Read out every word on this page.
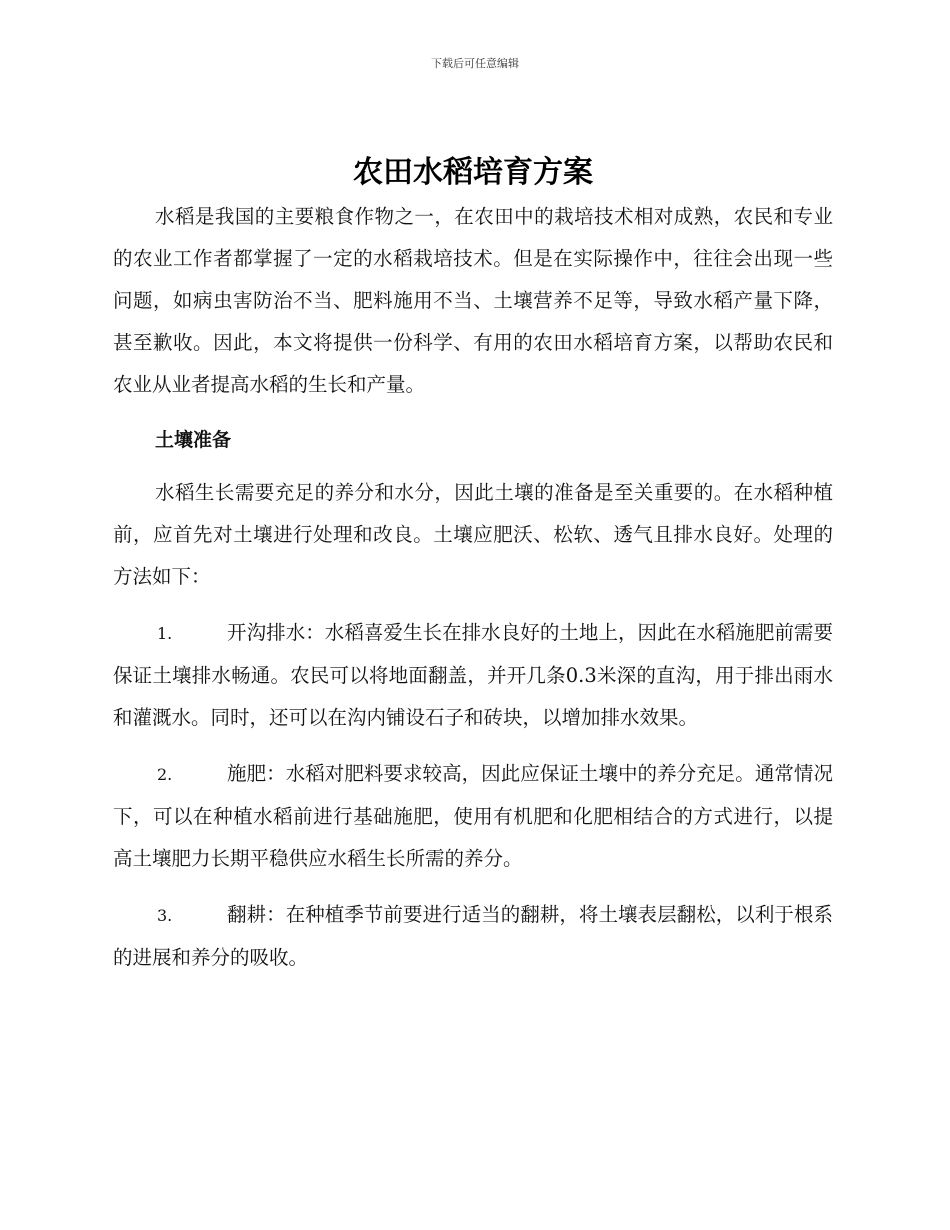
下载后可任意编辑
农田水稻培育方案

水稻是我国的主要粮食作物之一，在农田中的栽培技术相对成熟，农民和专业的农业工作者都掌握了一定的水稻栽培技术。但是在实际操作中，往往会出现一些问题，如病虫害防治不当、肥料施用不当、土壤营养不足等，导致水稻产量下降，甚至歉收。因此，本文将提供一份科学、有用的农田水稻培育方案，以帮助农民和农业从业者提高水稻的生长和产量。

土壤准备

水稻生长需要充足的养分和水分，因此土壤的准备是至关重要的。在水稻种植前，应首先对土壤进行处理和改良。土壤应肥沃、松软、透气且排水良好。处理的方法如下：

1.	开沟排水：水稻喜爱生长在排水良好的土地上，因此在水稻施肥前需要保证土壤排水畅通。农民可以将地面翻盖，并开几条0.3米深的直沟，用于排出雨水和灌溉水。同时，还可以在沟内铺设石子和砖块，以增加排水效果。
2.	施肥：水稻对肥料要求较高，因此应保证土壤中的养分充足。通常情况下，可以在种植水稻前进行基础施肥，使用有机肥和化肥相结合的方式进行，以提高土壤肥力长期平稳供应水稻生长所需的养分。
3.	翻耕：在种植季节前要进行适当的翻耕，将土壤表层翻松，以利于根系的进展和养分的吸收。
